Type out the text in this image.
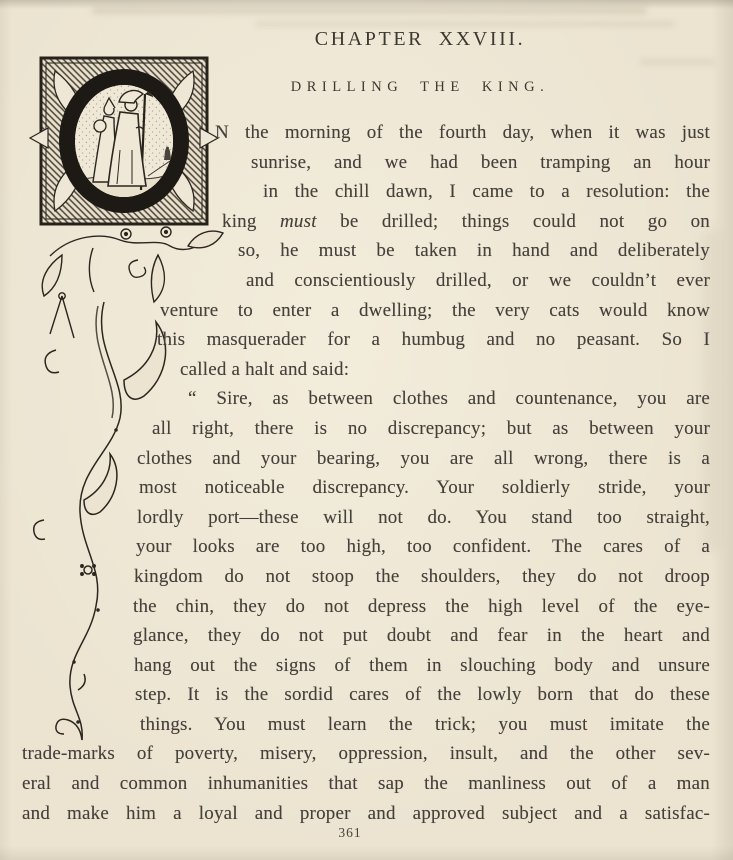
CHAPTER XXVIII.
DRILLING THE KING.
N the morning of the fourth day, when it was just
sunrise, and we had been tramping an hour
in the chill dawn, I came to a resolution: the
king must be drilled; things could not go on
so, he must be taken in hand and deliberately
and conscientiously drilled, or we couldn’t ever
venture to enter a dwelling; the very cats would know
this masquerader for a humbug and no peasant. So I
called a halt and said:
“ Sire, as between clothes and countenance, you are
all right, there is no discrepancy; but as between your
clothes and your bearing, you are all wrong, there is a
most noticeable discrepancy. Your soldierly stride, your
lordly port—these will not do. You stand too straight,
your looks are too high, too confident. The cares of a
kingdom do not stoop the shoulders, they do not droop
the chin, they do not depress the high level of the eye-
glance, they do not put doubt and fear in the heart and
hang out the signs of them in slouching body and unsure
step. It is the sordid cares of the lowly born that do these
things. You must learn the trick; you must imitate the
trade-marks of poverty, misery, oppression, insult, and the other sev-
eral and common inhumanities that sap the manliness out of a man
and make him a loyal and proper and approved subject and a satisfac-
361
